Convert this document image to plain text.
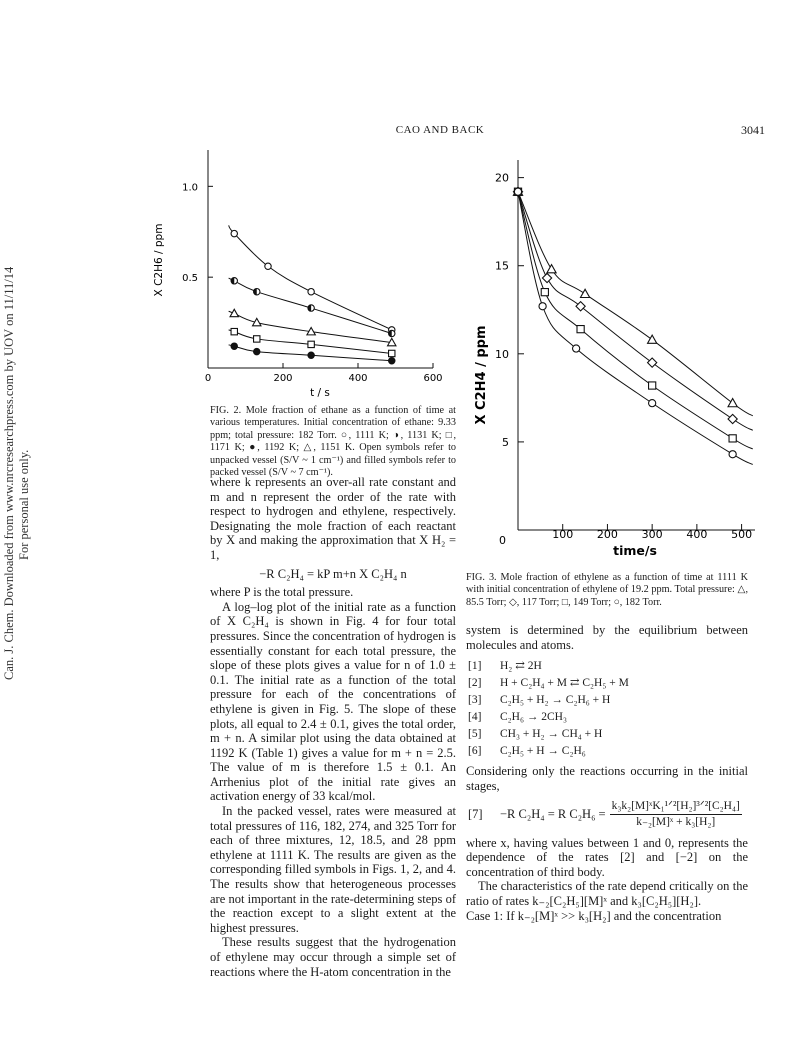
Can. J. Chem. Downloaded from www.nrcresearchpress.com by UOV on 11/11/14 For personal use only.
CAO AND BACK	3041
X C2H6 / ppm
1.0
0.5
0	200	400	600
t / s
FIG. 2. Mole fraction of ethane as a function of time at various temperatures. Initial concentration of ethane: 9.33 ppm; total pressure: 182 Torr. ○, 1111 K; ◑, 1131 K; □, 1171 K; ●, 1192 K; △, 1151 K. Open symbols refer to unpacked vessel (S/V ~ 1 cm⁻¹) and filled symbols refer to packed vessel (S/V ~ 7 cm⁻¹).

where k represents an over-all rate constant and m and n represent the order of the rate with respect to hydrogen and ethylene, respectively. Designating the mole fraction of each reactant by X and making the approximation that X H₂ = 1,

−R C₂H₄ = kP m+n X C₂H₄ n

where P is the total pressure.

A log–log plot of the initial rate as a function of X C₂H₄ is shown in Fig. 4 for four total pressures. Since the concentration of hydrogen is essentially constant for each total pressure, the slope of these plots gives a value for n of 1.0 ± 0.1. The initial rate as a function of the total pressure for each of the concentrations of ethylene is given in Fig. 5. The slope of these plots, all equal to 2.4 ± 0.1, gives the total order, m + n. A similar plot using the data obtained at 1192 K (Table 1) gives a value for m + n = 2.5. The value of m is therefore 1.5 ± 0.1. An Arrhenius plot of the initial rate gives an activation energy of 33 kcal/mol.

In the packed vessel, rates were measured at total pressures of 116, 182, 274, and 325 Torr for each of three mixtures, 12, 18.5, and 28 ppm ethylene at 1111 K. The results are given as the corresponding filled symbols in Figs. 1, 2, and 4. The results show that heterogeneous processes are not important in the rate-determining steps of the reaction except to a slight extent at the highest pressures.

These results suggest that the hydrogenation of ethylene may occur through a simple set of reactions where the H-atom concentration in the

X C2H4 / ppm
20
15
10
5
0	100 200 300 400 500
time/s
FIG. 3. Mole fraction of ethylene as a function of time at 1111 K with initial concentration of ethylene of 19.2 ppm. Total pressure: △, 85.5 Torr; ◇, 117 Torr; □, 149 Torr; ○, 182 Torr.

system is determined by the equilibrium between molecules and atoms.

[1]	H₂ ⇄ 2H
[2]	H + C₂H₄ + M ⇄ C₂H₅ + M
[3]	C₂H₅ + H₂ → C₂H₆ + H
[4]	C₂H₆ → 2CH₃
[5]	CH₃ + H₂ → CH₄ + H
[6]	C₂H₅ + H → C₂H₆

Considering only the reactions occurring in the initial stages,

[7]	−R C₂H₄ = R C₂H₆ =
k₃k₂[M]ˣK₁¹ᐟ²[H₂]³ᐟ²[C₂H₄]
k₋₂[M]ˣ + k₃[H₂]

where x, having values between 1 and 0, represents the dependence of the rates [2] and [−2] on the concentration of third body.

The characteristics of the rate depend critically on the ratio of rates k₋₂[C₂H₅][M]ˣ and k₃[C₂H₅][H₂].

Case 1: If k₋₂[M]ˣ >> k₃[H₂] and the concentration
